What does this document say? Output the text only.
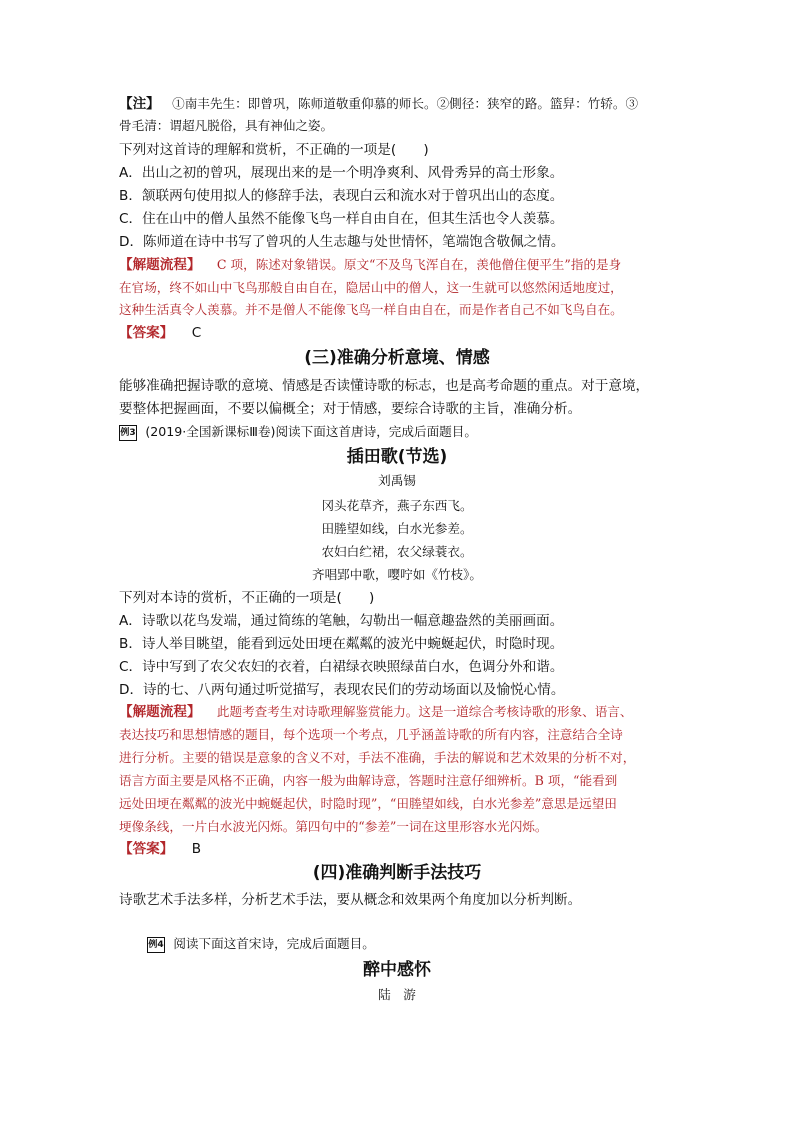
【注】 ①南丰先生：即曾巩，陈师道敬重仰慕的师长。②側径：狭窄的路。篮舁：竹轿。③
骨毛清：谓超凡脱俗，具有神仙之姿。
下列对这首诗的理解和赏析，不正确的一项是(　　)
A．出山之初的曾巩，展现出来的是一个明净爽利、风骨秀异的高士形象。
B．颔联两句使用拟人的修辞手法，表现白云和流水对于曾巩出山的态度。
C．住在山中的僧人虽然不能像飞鸟一样自由自在，但其生活也令人羡慕。
D．陈师道在诗中书写了曾巩的人生志趣与处世情怀，笔端饱含敬佩之情。
【解题流程】 C 项，陈述对象错误。原文“不及鸟飞浑自在，羡他僧住便平生”指的是身
在官场，终不如山中飞鸟那般自由自在，隐居山中的僧人，这一生就可以悠然闲适地度过，
这种生活真令人羡慕。并不是僧人不能像飞鸟一样自由自在，而是作者自己不如飞鸟自在。
【答案】 C
(三)准确分析意境、情感
能够准确把握诗歌的意境、情感是否读懂诗歌的标志，也是高考命题的重点。对于意境，
要整体把握画面，不要以偏概全；对于情感，要综合诗歌的主旨，准确分析。
例3 (2019·全国新课标Ⅲ卷)阅读下面这首唐诗，完成后面题目。
插田歌(节选)
刘禹锡
冈头花草齐，燕子东西飞。
田塍望如线，白水光参差。
农妇白纻裙，农父绿蓑衣。
齐唱郢中歌，嘤咛如《竹枝》。
下列对本诗的赏析，不正确的一项是(　　)
A．诗歌以花鸟发端，通过简练的笔触，勾勒出一幅意趣盎然的美丽画面。
B．诗人举目眺望，能看到远处田埂在粼粼的波光中蜿蜒起伏，时隐时现。
C．诗中写到了农父农妇的衣着，白裙绿衣映照绿苗白水，色调分外和谐。
D．诗的七、八两句通过听觉描写，表现农民们的劳动场面以及愉悦心情。
【解题流程】 此题考查考生对诗歌理解鉴赏能力。这是一道综合考核诗歌的形象、语言、
表达技巧和思想情感的题目，每个选项一个考点，几乎涵盖诗歌的所有内容，注意结合全诗
进行分析。主要的错误是意象的含义不对，手法不准确，手法的解说和艺术效果的分析不对，
语言方面主要是风格不正确，内容一般为曲解诗意，答题时注意仔细辨析。B 项，“能看到
远处田埂在粼粼的波光中蜿蜒起伏，时隐时现”，“田塍望如线，白水光参差”意思是远望田
埂像条线，一片白水波光闪烁。第四句中的“参差”一词在这里形容水光闪烁。
【答案】 B
(四)准确判断手法技巧
诗歌艺术手法多样，分析艺术手法，要从概念和效果两个角度加以分析判断。
例4 阅读下面这首宋诗，完成后面题目。
醉中感怀
陆　游
